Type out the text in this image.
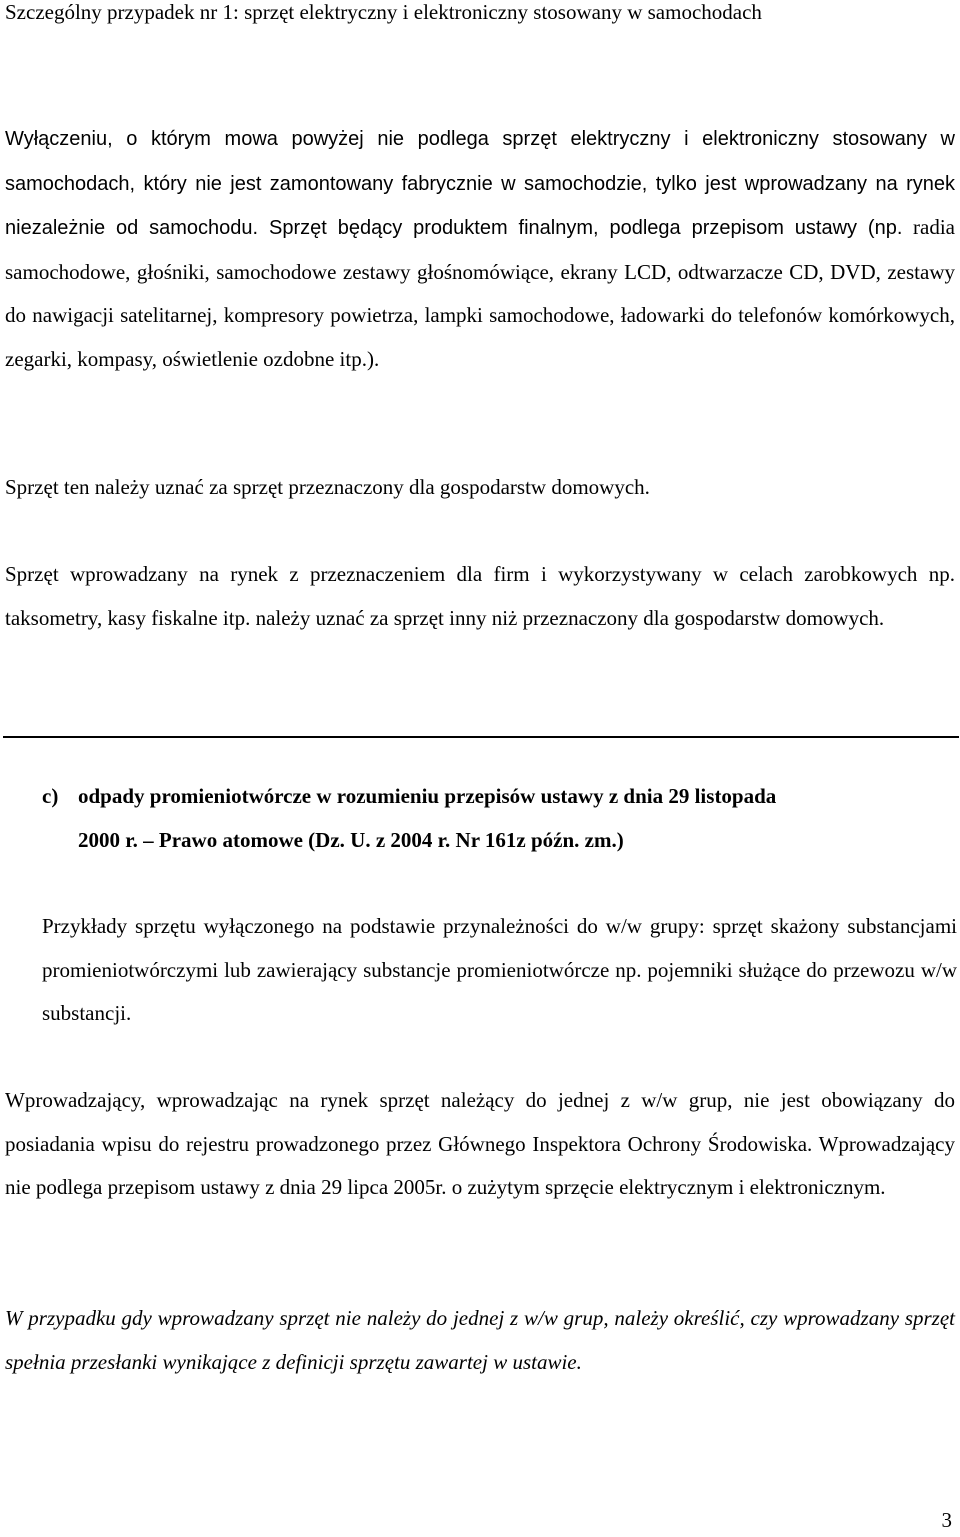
Szczególny przypadek nr 1: sprzęt elektryczny i elektroniczny stosowany w samochodach

Wyłączeniu, o którym mowa powyżej nie podlega sprzęt elektryczny i elektroniczny stosowany w samochodach, który nie jest zamontowany fabrycznie w samochodzie, tylko jest wprowadzany na rynek niezależnie od samochodu. Sprzęt będący produktem finalnym, podlega przepisom ustawy (np. radia samochodowe, głośniki, samochodowe zestawy głośnomówiące, ekrany LCD, odtwarzacze CD, DVD, zestawy do nawigacji satelitarnej, kompresory powietrza, lampki samochodowe, ładowarki do telefonów komórkowych, zegarki, kompasy, oświetlenie ozdobne itp.).

Sprzęt ten należy uznać za sprzęt przeznaczony dla gospodarstw domowych.

Sprzęt wprowadzany na rynek z przeznaczeniem dla firm i wykorzystywany w celach zarobkowych np. taksometry, kasy fiskalne itp. należy uznać za sprzęt inny niż przeznaczony dla gospodarstw domowych.

c) odpady promieniotwórcze w rozumieniu przepisów ustawy z dnia 29 listopada
2000 r. – Prawo atomowe (Dz. U. z 2004 r. Nr 161z późn. zm.)

Przykłady sprzętu wyłączonego na podstawie przynależności do w/w grupy: sprzęt skażony substancjami promieniotwórczymi lub zawierający substancje promieniotwórcze np. pojemniki służące do przewozu w/w substancji.

Wprowadzający, wprowadzając na rynek sprzęt należący do jednej z w/w grup, nie jest obowiązany do posiadania wpisu do rejestru prowadzonego przez Głównego Inspektora Ochrony Środowiska. Wprowadzający nie podlega przepisom ustawy z dnia 29 lipca 2005r. o zużytym sprzęcie elektrycznym i elektronicznym.

W przypadku gdy wprowadzany sprzęt nie należy do jednej z w/w grup, należy określić, czy wprowadzany sprzęt spełnia przesłanki wynikające z definicji sprzętu zawartej w ustawie.

3
